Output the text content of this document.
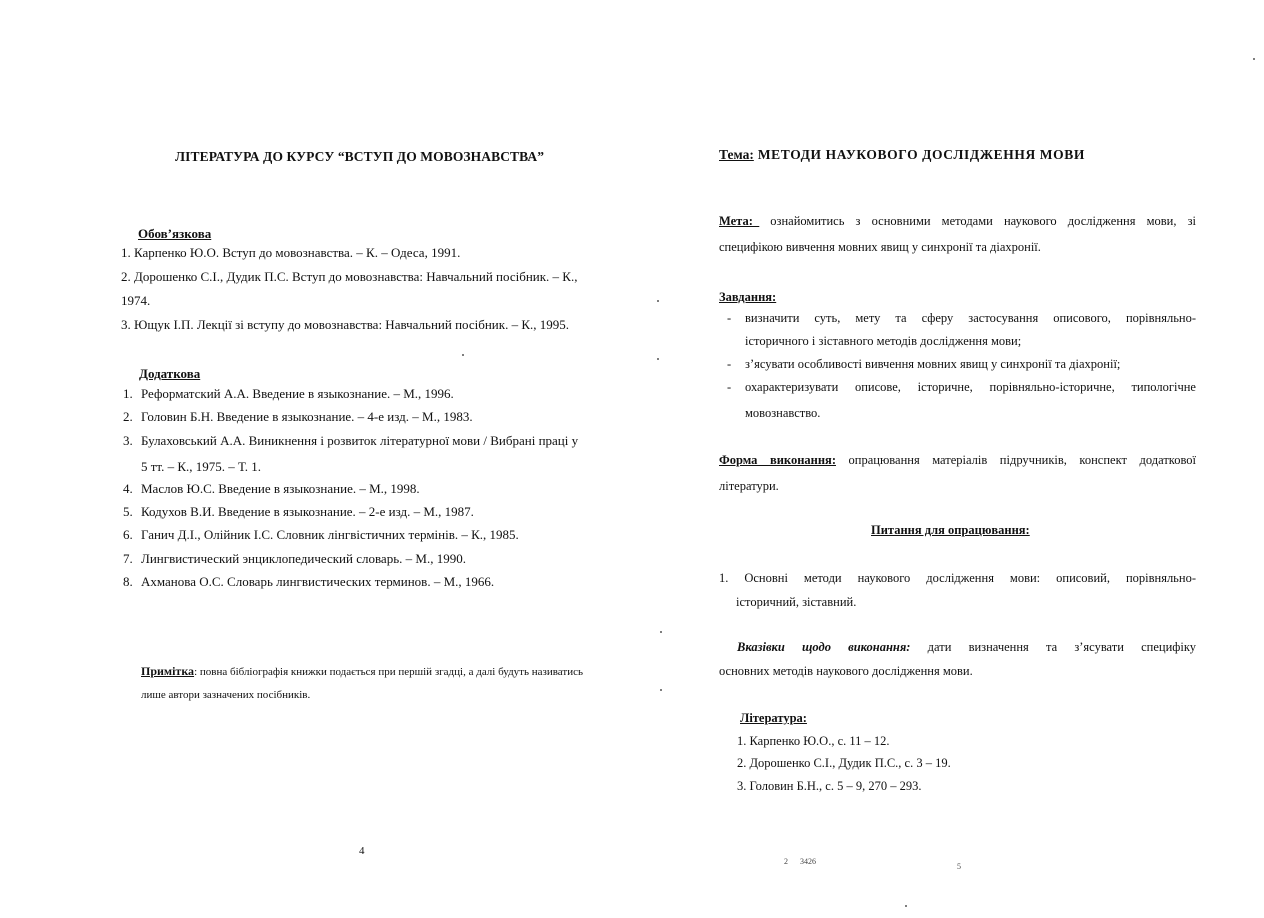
ЛІТЕРАТУРА ДО КУРСУ “ВСТУП ДО МОВОЗНАВСТВА”
Обов’язкова
1. Карпенко Ю.О. Вступ до мовознавства. – К. – Одеса, 1991.
2. Дорошенко С.І., Дудик П.С. Вступ до мовознавства: Навчальний посібник. – К.,
1974.
3. Ющук І.П. Лекції зі вступу до мовознавства: Навчальний посібник. – К., 1995.
Додаткова
1. Реформатский А.А. Введение в языкознание. – М., 1996.
2. Головин Б.Н. Введение в языкознание. – 4-е изд. – М., 1983.
3. Булаховський А.А. Виникнення і розвиток літературної мови / Вибрані праці у
5 тт. – К., 1975. – Т. 1.
4. Маслов Ю.С. Введение в языкознание. – М., 1998.
5. Кодухов В.И. Введение в языкознание. – 2-е изд. – М., 1987.
6. Ганич Д.І., Олійник І.С. Словник лінгвістичних термінів. – К., 1985.
7. Лингвистический энциклопедический словарь. – М., 1990.
8. Ахманова О.С. Словарь лингвистических терминов. – М., 1966.
Примітка: повна бібліографія книжки подається при першій згадці, а далі будуть називатись лише автори зазначених посібників.
4
Тема: МЕТОДИ НАУКОВОГО ДОСЛІДЖЕННЯ МОВИ
Мета:_ ознайомитись з основними методами наукового дослідження мови, зі
специфікою вивчення мовних явищ у синхронії та діахронії.
Завдання:
- визначити суть, мету та сферу застосування описового, порівняльно-
історичного і зіставного методів дослідження мови;
- з’ясувати особливості вивчення мовних явищ у синхронії та діахронії;
- охарактеризувати описове, історичне, порівняльно-історичне, типологічне
мовознавство.
Форма виконання: опрацювання матеріалів підручників, конспект додаткової
літератури.
Питання для опрацювання:
1. Основні методи наукового дослідження мови: описовий, порівняльно-
історичний, зіставний.
Вказівки щодо виконання: дати визначення та з’ясувати специфіку
основних методів наукового дослідження мови.
Література:
1. Карпенко Ю.О., с. 11 – 12.
2. Дорошенко С.І., Дудик П.С., с. 3 – 19.
3. Головин Б.Н., с. 5 – 9, 270 – 293.
2 3426
5
